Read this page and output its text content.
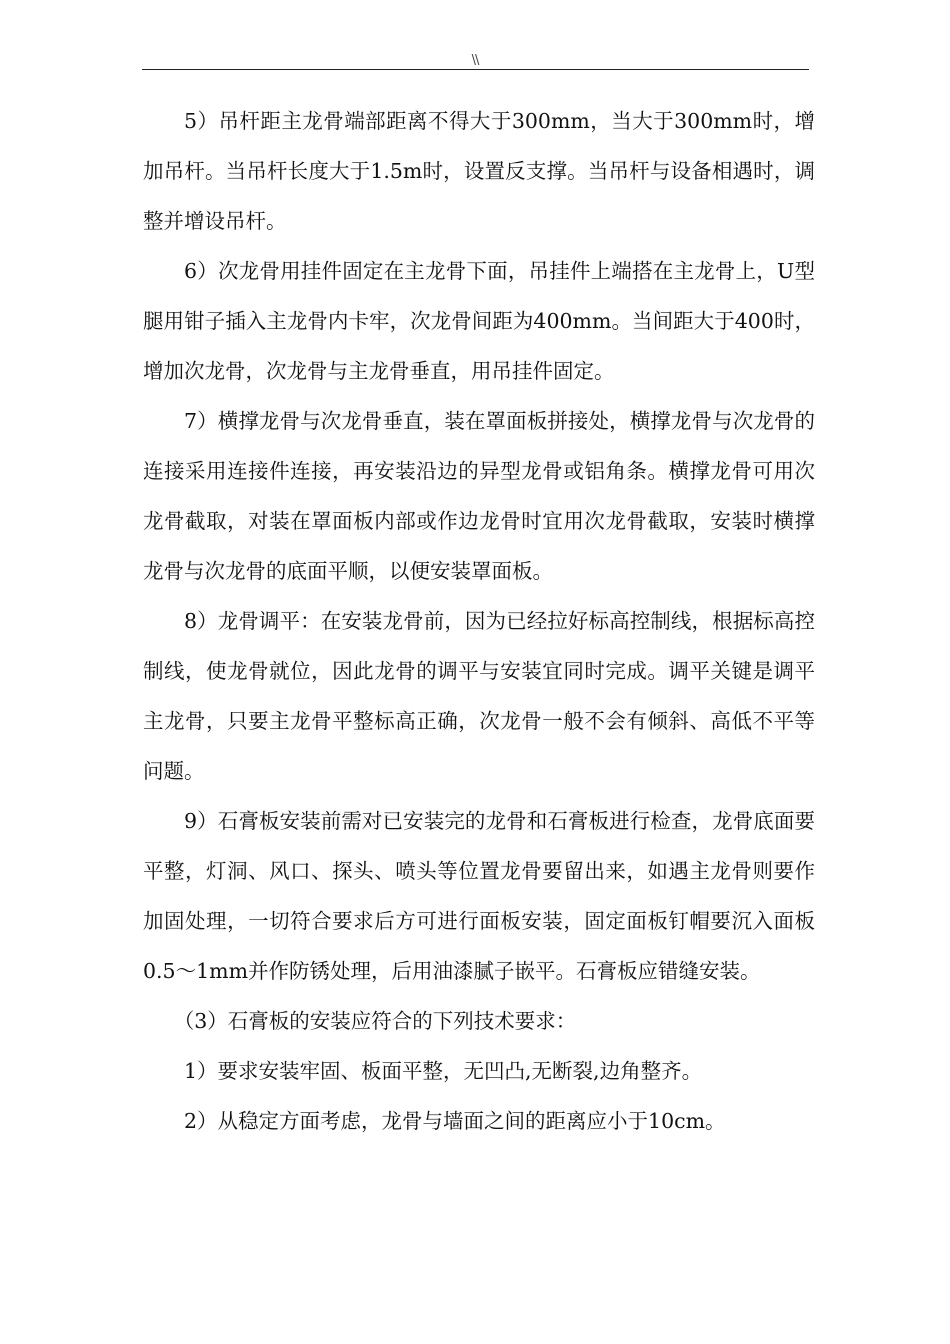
\\

5）吊杆距主龙骨端部距离不得大于300mm，当大于300mm时，增加吊杆。当吊杆长度大于1.5m时，设置反支撑。当吊杆与设备相遇时，调整并增设吊杆。

6）次龙骨用挂件固定在主龙骨下面，吊挂件上端搭在主龙骨上，U型腿用钳子插入主龙骨内卡牢，次龙骨间距为400mm。当间距大于400时，增加次龙骨，次龙骨与主龙骨垂直，用吊挂件固定。

7）横撑龙骨与次龙骨垂直，装在罩面板拼接处，横撑龙骨与次龙骨的连接采用连接件连接，再安装沿边的异型龙骨或铝角条。横撑龙骨可用次龙骨截取，对装在罩面板内部或作边龙骨时宜用次龙骨截取，安装时横撑龙骨与次龙骨的底面平顺，以便安装罩面板。

8）龙骨调平：在安装龙骨前，因为已经拉好标高控制线，根据标高控制线，使龙骨就位，因此龙骨的调平与安装宜同时完成。调平关键是调平主龙骨，只要主龙骨平整标高正确，次龙骨一般不会有倾斜、高低不平等问题。

9）石膏板安装前需对已安装完的龙骨和石膏板进行检查，龙骨底面要平整，灯洞、风口、探头、喷头等位置龙骨要留出来，如遇主龙骨则要作加固处理，一切符合要求后方可进行面板安装，固定面板钉帽要沉入面板0.5～1mm并作防锈处理，后用油漆腻子嵌平。石膏板应错缝安装。

（3）石膏板的安装应符合的下列技术要求：

1）要求安装牢固、板面平整，无凹凸,无断裂,边角整齐。

2）从稳定方面考虑，龙骨与墙面之间的距离应小于10cm。
